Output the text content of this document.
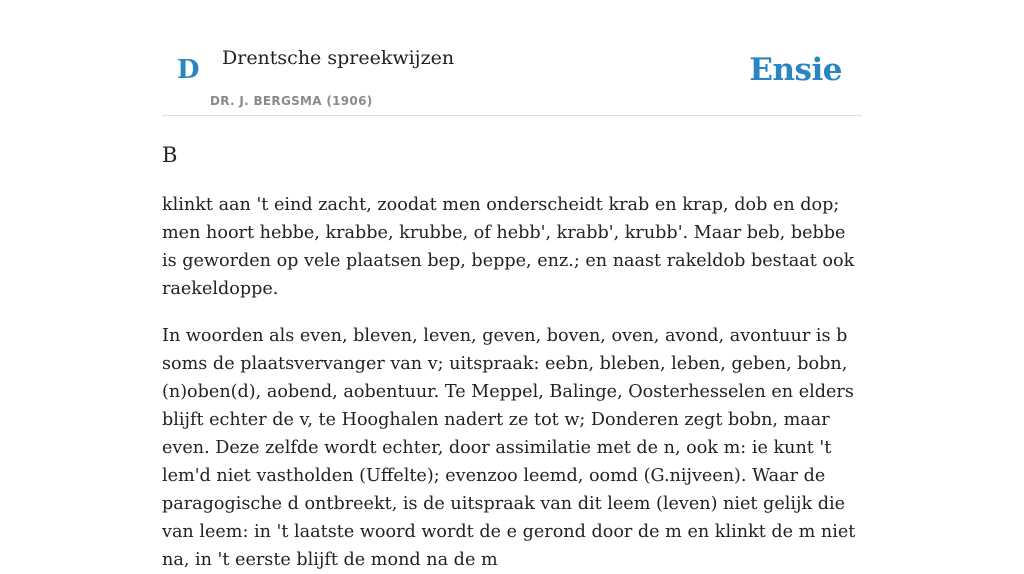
D Drentsche spreekwijzen
DR. J. BERGSMA (1906)
Ensie
B

klinkt aan 't eind zacht, zoodat men onderscheidt krab en krap, dob en dop; men hoort hebbe, krabbe, krubbe, of hebb', krabb', krubb'. Maar beb, bebbe is geworden op vele plaatsen bep, beppe, enz.; en naast rakeldob bestaat ook raekeldoppe.

In woorden als even, bleven, leven, geven, boven, oven, avond, avontuur is b soms de plaatsvervanger van v; uitspraak: eebn, bleben, leben, geben, bobn, (n)oben(d), aobend, aobentuur. Te Meppel, Balinge, Oosterhesselen en elders blijft echter de v, te Hooghalen nadert ze tot w; Donderen zegt bobn, maar even. Deze zelfde wordt echter, door assimilatie met de n, ook m: ie kunt 't lem'd niet vastholden (Uffelte); evenzoo leemd, oomd (G.nijveen). Waar de paragogische d ontbreekt, is de uitspraak van dit leem (leven) niet gelijk die van leem: in 't laatste woord wordt de e gerond door de m en klinkt de m niet na, in 't eerste blijft de mond na de m
